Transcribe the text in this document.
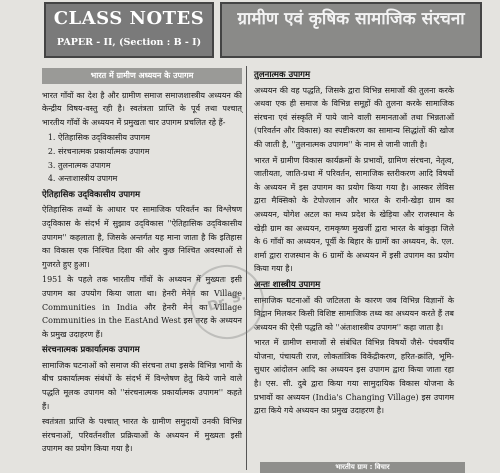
CLASS NOTES
PAPER - II, (Section : B - I)
ग्रामीण एवं कृषिक सामाजिक संरचना
भारत में ग्रामीण अध्ययन के उपागम

भारत गाँवों का देश है और ग्रामीण समाज समाजशास्त्रीय अध्ययन की केन्द्रीय विषय-वस्तु रही है। स्वतंत्रता प्राप्ति के पूर्व तथा पश्चात् भारतीय गाँवों के अध्ययन में प्रमुखतः चार उपागम प्रचलित रहे हैं-

1. ऐतिहासिक उद्‌विकासीय उपागम
2. संरचनात्मक प्रकार्यात्मक उपागम
3. तुलनात्मक उपागम
4. अन्तःशास्त्रीय उपागम
ऐतिहासिक उद्‌विकासीय उपागम

ऐतिहासिक तथ्यों के आधार पर सामाजिक परिवर्तन का विश्लेषण उद्‌विकास के संदर्भ में सुझाव उद्‌विकास ''ऐतिहासिक उद्‌विकासीय उपागम'' कहलाता है, जिसके अन्तर्गत यह माना जाता है कि इतिहास का विकास एक निश्चित दिशा की ओर कुछ निश्चित अवस्थाओं से गुजरते हुए हुआ।

1951 के पहले तक भारतीय गाँवों के अध्ययन में मुख्यतः इसी उपागम का उपयोग किया जाता था। हेनरी मेनेन का Village Communities in India और हेनरी मेन का Village Communities in the EastAnd West इस तरह के अध्ययन के प्रमुख उदाहरण हैं।

संरचनात्मक प्रकार्यात्मक उपागम

सामाजिक घटनाओं को समाज की संरचना तथा इसके विभिन्न भागों के बीच प्रकार्यात्मक संबंधों के संदर्भ में विश्लेषण हेतु किये जाने वाले पद्धति मूलक उपागम को ''संरचनात्मक प्रकार्यात्मक उपागम'' कहते हैं।

स्वतंत्रता प्राप्ति के पश्चात् भारत के ग्रामीण समुदायों उनकी विभिन्न संरचनाओं, परिवर्तनशील प्रक्रियाओं के अध्ययन में मुख्यतः इसी उपागम का प्रयोग किया गया है।

तुलनात्मक उपागम

अध्ययन की वह पद्धति, जिसके द्वारा विभिन्न समाजों की तुलना करके अथवा एक ही समाज के विभिन्न समूहों की तुलना करके सामाजिक संरचना एवं संस्कृति में पाये जाने वाली समानताओं तथा भिन्नताओं (परिवर्तन और विकास) का स्पष्टीकरण का सामान्य सिद्धांतों की खोज की जाती है, ''तुलनात्मक उपागम'' के नाम से जानी जाती है।

भारत में ग्रामीण विकास कार्यक्रमों के प्रभावों, ग्रामिण संरचना, नेतृत्व, जातीयता, जाति-प्रथा में परिवर्तन, सामाजिक स्तरीकरण आदि विषयों के अध्ययन में इस उपागम का प्रयोग किया गया है। आस्कर लेविस द्वारा मैक्सिको के टेपोज्लान और भारत के रानी-खेड़ा ग्राम का अध्ययन, योगेश अटल का मध्य प्रदेश के खेड़िया और राजस्थान के खेड़ी ग्राम का अध्ययन, रामकृष्ण मुखर्जी द्वारा भारत के बांकुड़ा जिले के 6 गाँवों का अध्ययन, पूर्वी के बिहार के ग्रामों का अध्ययन, के. एल. शर्मा द्वारा राजस्थान के 6 ग्रामों के अध्ययन में इसी उपागम का प्रयोग किया गया है।

अन्तः शास्त्रीय उपागम

सामाजिक घटनाओं की जटिलता के कारण जब विभिन्न विज्ञानों के विद्वान मिलकर किसी विशिष्ट सामाजिक तथ्य का अध्ययन करते हैं तब अध्ययन की ऐसी पद्धति को ''अंतःशास्त्रीय उपागम'' कहा जाता है।

भारत में ग्रामीण समाजों से संबंधित विभिन्न विषयों जैसे- पंचवर्षीय योजना, पंचायती राज, लोकतांत्रिक विकेंद्रीकरण, हरित-क्रांति, भूमि-सुधार आंदोलन आदि का अध्ययन इस उपागम द्वारा किया जाता रहा है। एस. सी. दुबे द्वारा किया गया सामुदायिक विकास योजना के प्रभावों का अध्ययन (India's Changing Village) इस उपागम द्वारा किये गये अध्ययन का प्रमुख उदाहरण है।

भारतीय ग्राम : विचार
Dr. S.
